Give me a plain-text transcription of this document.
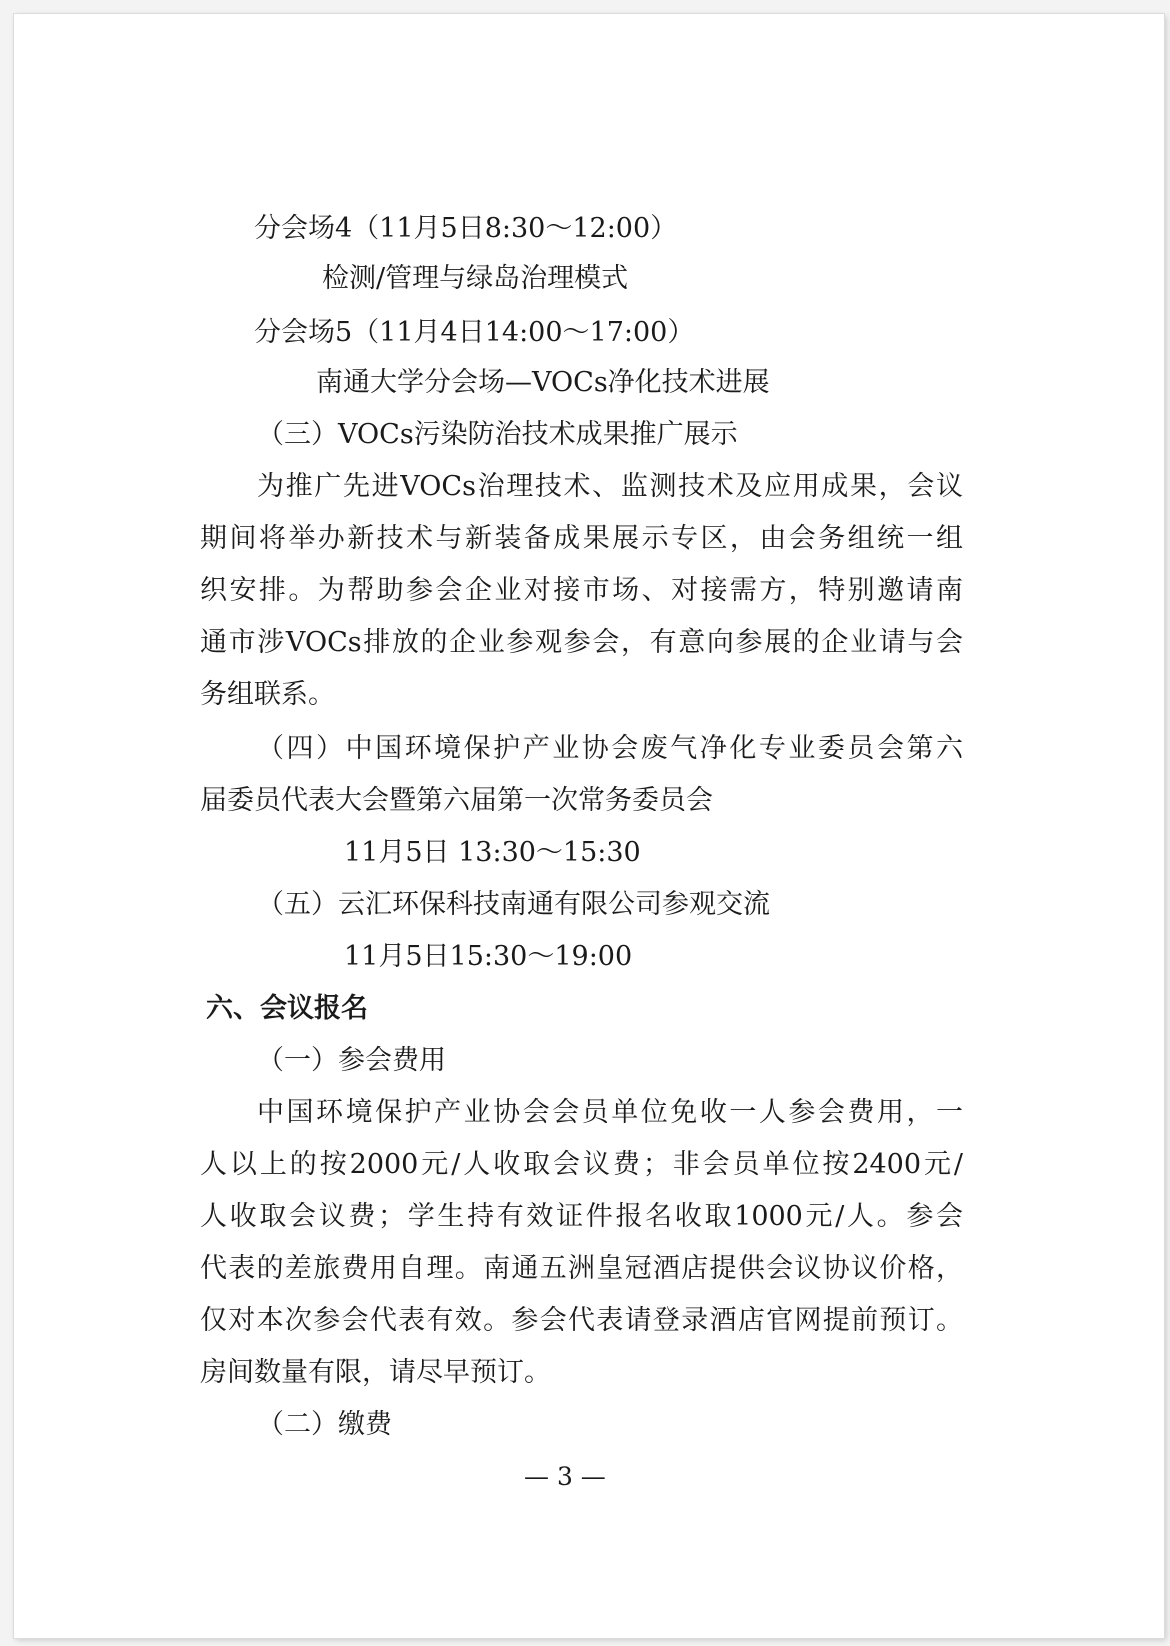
分会场4（11月5日8:30～12:00）
检测/管理与绿岛治理模式
分会场5（11月4日14:00～17:00）
南通大学分会场—VOCs净化技术进展
（三）VOCs污染防治技术成果推广展示
为推广先进VOCs治理技术、监测技术及应用成果，会议
期间将举办新技术与新装备成果展示专区，由会务组统一组
织安排。为帮助参会企业对接市场、对接需方，特别邀请南
通市涉VOCs排放的企业参观参会，有意向参展的企业请与会
务组联系。
（四）中国环境保护产业协会废气净化专业委员会第六
届委员代表大会暨第六届第一次常务委员会
11月5日 13:30～15:30
（五）云汇环保科技南通有限公司参观交流
11月5日15:30～19:00
六、会议报名
（一）参会费用
中国环境保护产业协会会员单位免收一人参会费用，一
人以上的按2000元/人收取会议费；非会员单位按2400元/
人收取会议费；学生持有效证件报名收取1000元/人。参会
代表的差旅费用自理。南通五洲皇冠酒店提供会议协议价格，
仅对本次参会代表有效。参会代表请登录酒店官网提前预订。
房间数量有限，请尽早预订。
（二）缴费
— 3 —
